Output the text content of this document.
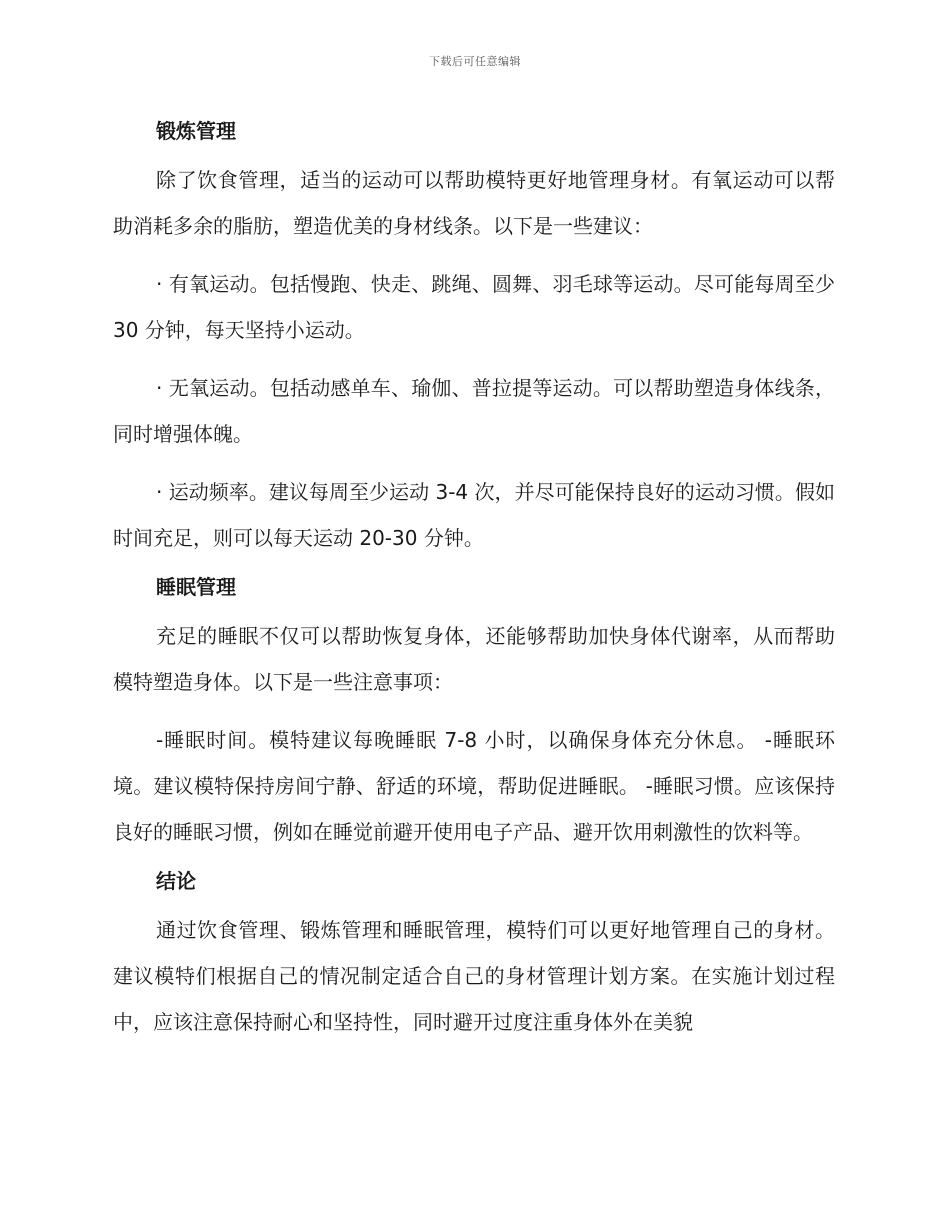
下载后可任意编辑
锻炼管理

除了饮食管理，适当的运动可以帮助模特更好地管理身材。有氧运动可以帮助消耗多余的脂肪，塑造优美的身材线条。以下是一些建议：

· 有氧运动。包括慢跑、快走、跳绳、圆舞、羽毛球等运动。尽可能每周至少 30 分钟，每天坚持小运动。

· 无氧运动。包括动感单车、瑜伽、普拉提等运动。可以帮助塑造身体线条，同时增强体魄。

· 运动频率。建议每周至少运动 3-4 次，并尽可能保持良好的运动习惯。假如时间充足，则可以每天运动 20-30 分钟。

睡眠管理

充足的睡眠不仅可以帮助恢复身体，还能够帮助加快身体代谢率，从而帮助模特塑造身体。以下是一些注意事项：

-睡眠时间。模特建议每晚睡眠 7-8 小时，以确保身体充分休息。 -睡眠环境。建议模特保持房间宁静、舒适的环境，帮助促进睡眠。 -睡眠习惯。应该保持良好的睡眠习惯，例如在睡觉前避开使用电子产品、避开饮用刺激性的饮料等。

结论

通过饮食管理、锻炼管理和睡眠管理，模特们可以更好地管理自己的身材。建议模特们根据自己的情况制定适合自己的身材管理计划方案。在实施计划过程中，应该注意保持耐心和坚持性，同时避开过度注重身体外在美貌
